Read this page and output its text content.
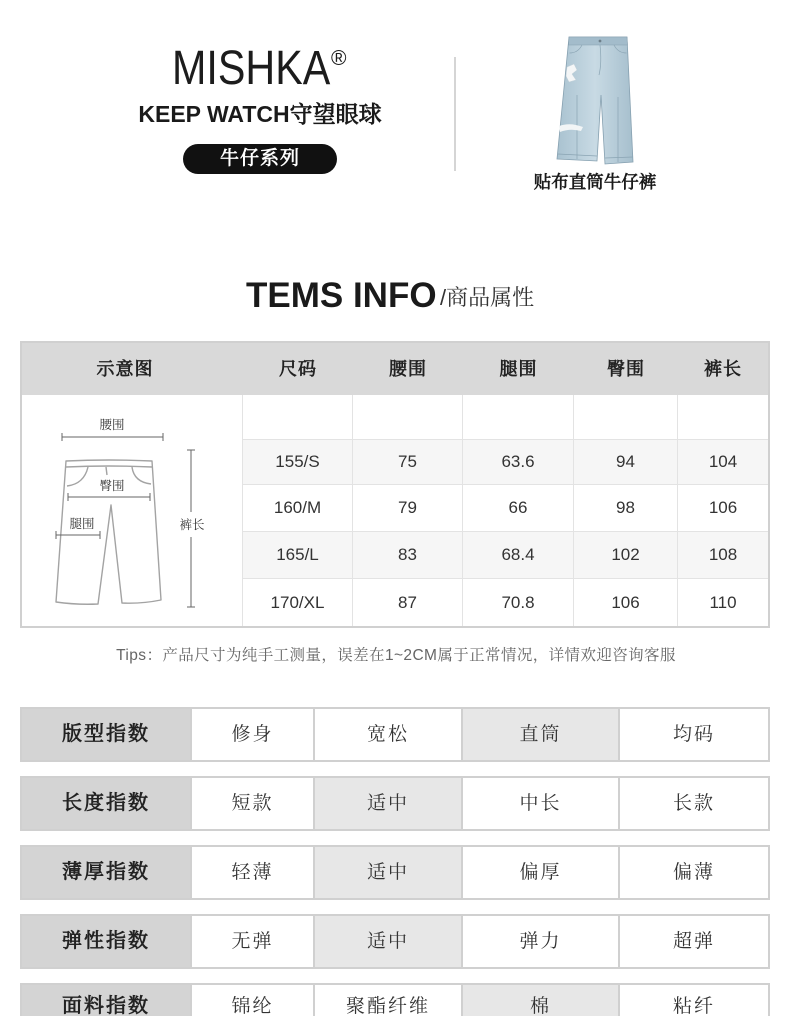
MISHKA ®
KEEP WATCH守望眼球
牛仔系列
贴布直筒牛仔裤
TEMS INFO /商品属性
示意图	尺码	腰围	腿围	臀围	裤长
腰围
臀围
腿围	裤长
155/S	75	63.6	94	104
160/M	79	66	98	106
165/L	83	68.4	102	108
170/XL	87	70.8	106	110
Tips：产品尺寸为纯手工测量，误差在1~2CM属于正常情况，详情欢迎咨询客服
版型指数	修身	宽松	直筒	均码
长度指数	短款	适中	中长	长款
薄厚指数	轻薄	适中	偏厚	偏薄
弹性指数	无弹	适中	弹力	超弹
面料指数	锦纶	聚酯纤维	棉	粘纤
